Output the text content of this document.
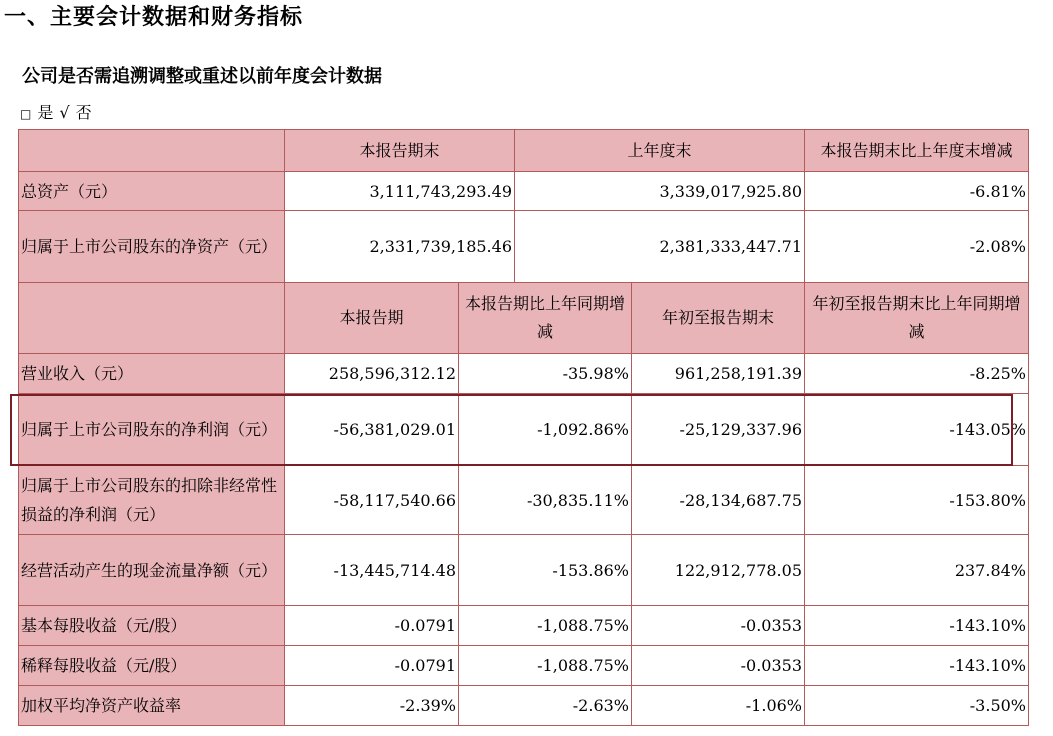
一、主要会计数据和财务指标
公司是否需追溯调整或重述以前年度会计数据
□ 是 √ 否
	本报告期末		上年度末		本报告期末比上年度末增减
总资产（元）	3,111,743,293.49		3,339,017,925.80		-6.81%
归属于上市公司股东的净资产（元）	2,331,739,185.46		2,381,333,447.71		-2.08%
	本报告期	本报告期比上年同期增减		年初至报告期末	年初至报告期末比上年同期增减
营业收入（元）	258,596,312.12	-35.98%		961,258,191.39	-8.25%
归属于上市公司股东的净利润（元）	-56,381,029.01	-1,092.86%		-25,129,337.96	-143.05%
归属于上市公司股东的扣除非经常性损益的净利润（元）	-58,117,540.66	-30,835.11%		-28,134,687.75	-153.80%
经营活动产生的现金流量净额（元）	-13,445,714.48	-153.86%		122,912,778.05	237.84%
基本每股收益（元/股）	-0.0791	-1,088.75%		-0.0353	-143.10%
稀释每股收益（元/股）	-0.0791	-1,088.75%		-0.0353	-143.10%
加权平均净资产收益率	-2.39%	-2.63%		-1.06%	-3.50%
